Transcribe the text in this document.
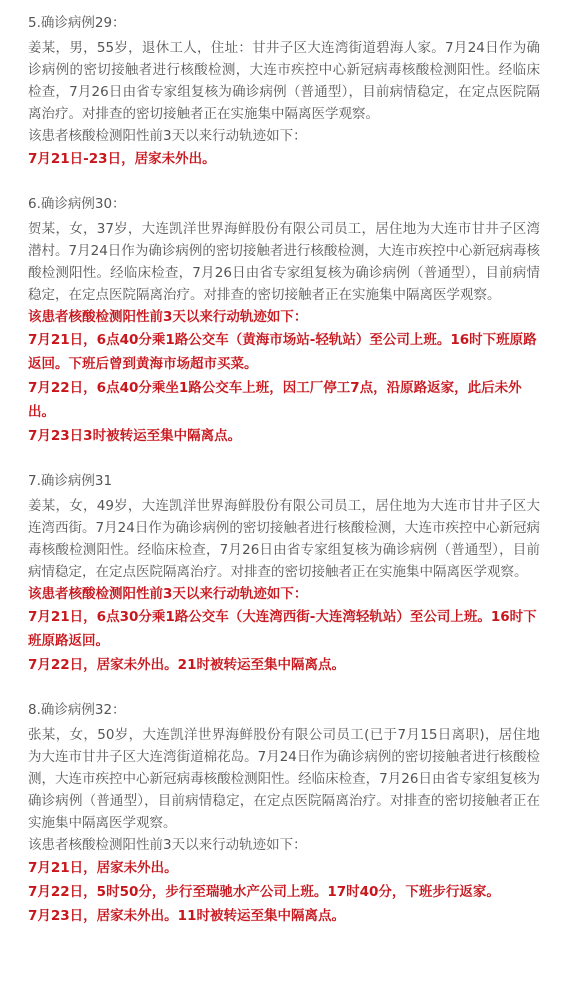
5.确诊病例29：

姜某，男，55岁，退休工人，住址：甘井子区大连湾街道碧海人家。7月24日作为确诊病例的密切接触者进行核酸检测，大连市疾控中心新冠病毒核酸检测阳性。经临床检查，7月26日由省专家组复核为确诊病例（普通型），目前病情稳定，在定点医院隔离治疗。对排查的密切接触者正在实施集中隔离医学观察。

该患者核酸检测阳性前3天以来行动轨迹如下：

7月21日-23日，居家未外出。

6.确诊病例30：

贺某，女，37岁，大连凯洋世界海鲜股份有限公司员工，居住地为大连市甘井子区湾潜村。7月24日作为确诊病例的密切接触者进行核酸检测，大连市疾控中心新冠病毒核酸检测阳性。经临床检查，7月26日由省专家组复核为确诊病例（普通型），目前病情稳定，在定点医院隔离治疗。对排查的密切接触者正在实施集中隔离医学观察。

该患者核酸检测阳性前3天以来行动轨迹如下：

7月21日，6点40分乘1路公交车（黄海市场站-轻轨站）至公司上班。16时下班原路返回。下班后曾到黄海市场超市买菜。

7月22日，6点40分乘坐1路公交车上班，因工厂停工7点，沿原路返家，此后未外出。

7月23日3时被转运至集中隔离点。

7.确诊病例31

姜某，女，49岁，大连凯洋世界海鲜股份有限公司员工，居住地为大连市甘井子区大连湾西街。7月24日作为确诊病例的密切接触者进行核酸检测，大连市疾控中心新冠病毒核酸检测阳性。经临床检查，7月26日由省专家组复核为确诊病例（普通型），目前病情稳定，在定点医院隔离治疗。对排查的密切接触者正在实施集中隔离医学观察。

该患者核酸检测阳性前3天以来行动轨迹如下：

7月21日，6点30分乘1路公交车（大连湾西街-大连湾轻轨站）至公司上班。16时下班原路返回。

7月22日，居家未外出。21时被转运至集中隔离点。

8.确诊病例32：

张某，女，50岁，大连凯洋世界海鲜股份有限公司员工(已于7月15日离职)，居住地为大连市甘井子区大连湾街道棉花岛。7月24日作为确诊病例的密切接触者进行核酸检测，大连市疾控中心新冠病毒核酸检测阳性。经临床检查，7月26日由省专家组复核为确诊病例（普通型），目前病情稳定，在定点医院隔离治疗。对排查的密切接触者正在实施集中隔离医学观察。

该患者核酸检测阳性前3天以来行动轨迹如下：

7月21日，居家未外出。

7月22日，5时50分，步行至瑞驰水产公司上班。17时40分，下班步行返家。

7月23日，居家未外出。11时被转运至集中隔离点。
